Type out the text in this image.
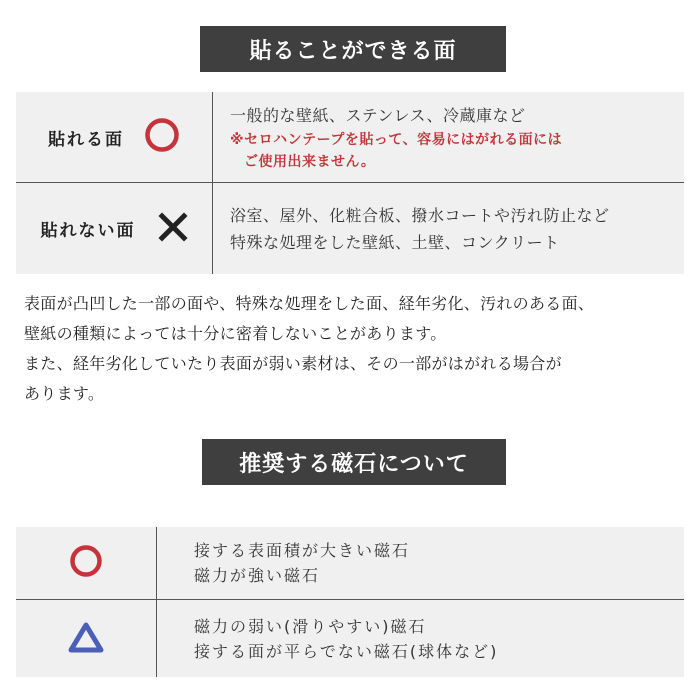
貼ることができる面
貼れる面
一般的な壁紙、ステンレス、冷蔵庫など
※セロハンテープを貼って、容易にはがれる面には
ご使用出来ません。
貼れない面
浴室、屋外、化粧合板、撥水コートや汚れ防止など
特殊な処理をした壁紙、土壁、コンクリート
表面が凸凹した一部の面や、特殊な処理をした面、経年劣化、汚れのある面、
壁紙の種類によっては十分に密着しないことがあります。
また、経年劣化していたり表面が弱い素材は、その一部がはがれる場合が
あります。
推奨する磁石について
接する表面積が大きい磁石
磁力が強い磁石
磁力の弱い(滑りやすい)磁石
接する面が平らでない磁石(球体など)
